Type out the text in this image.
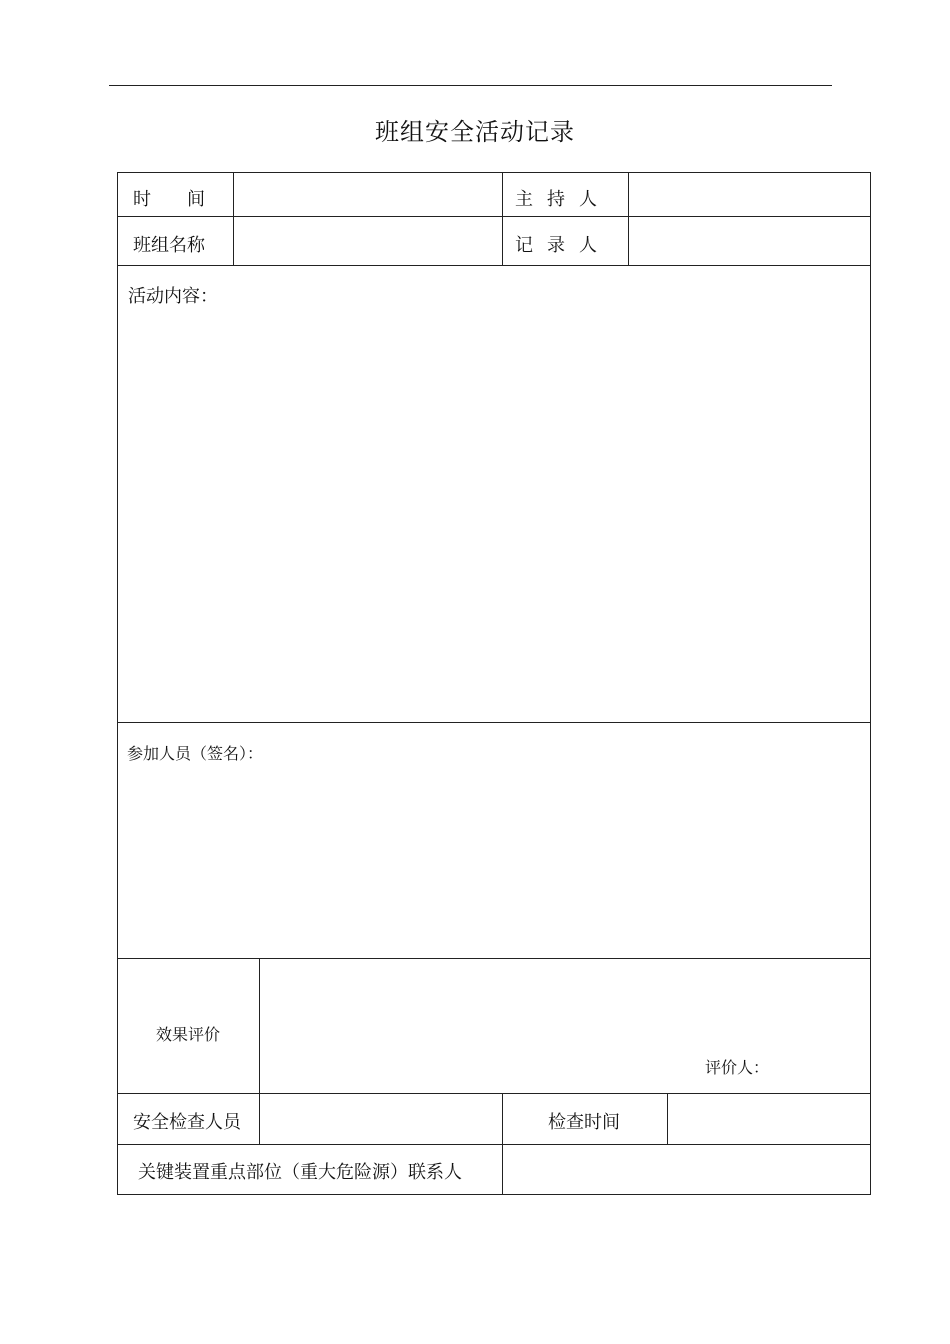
班组安全活动记录
时间	主持人
班组名称	记录人
活动内容：
参加人员（签名）：
效果评价
评价人：
安全检查人员	检查时间
关键装置重点部位（重大危险源）联系人
